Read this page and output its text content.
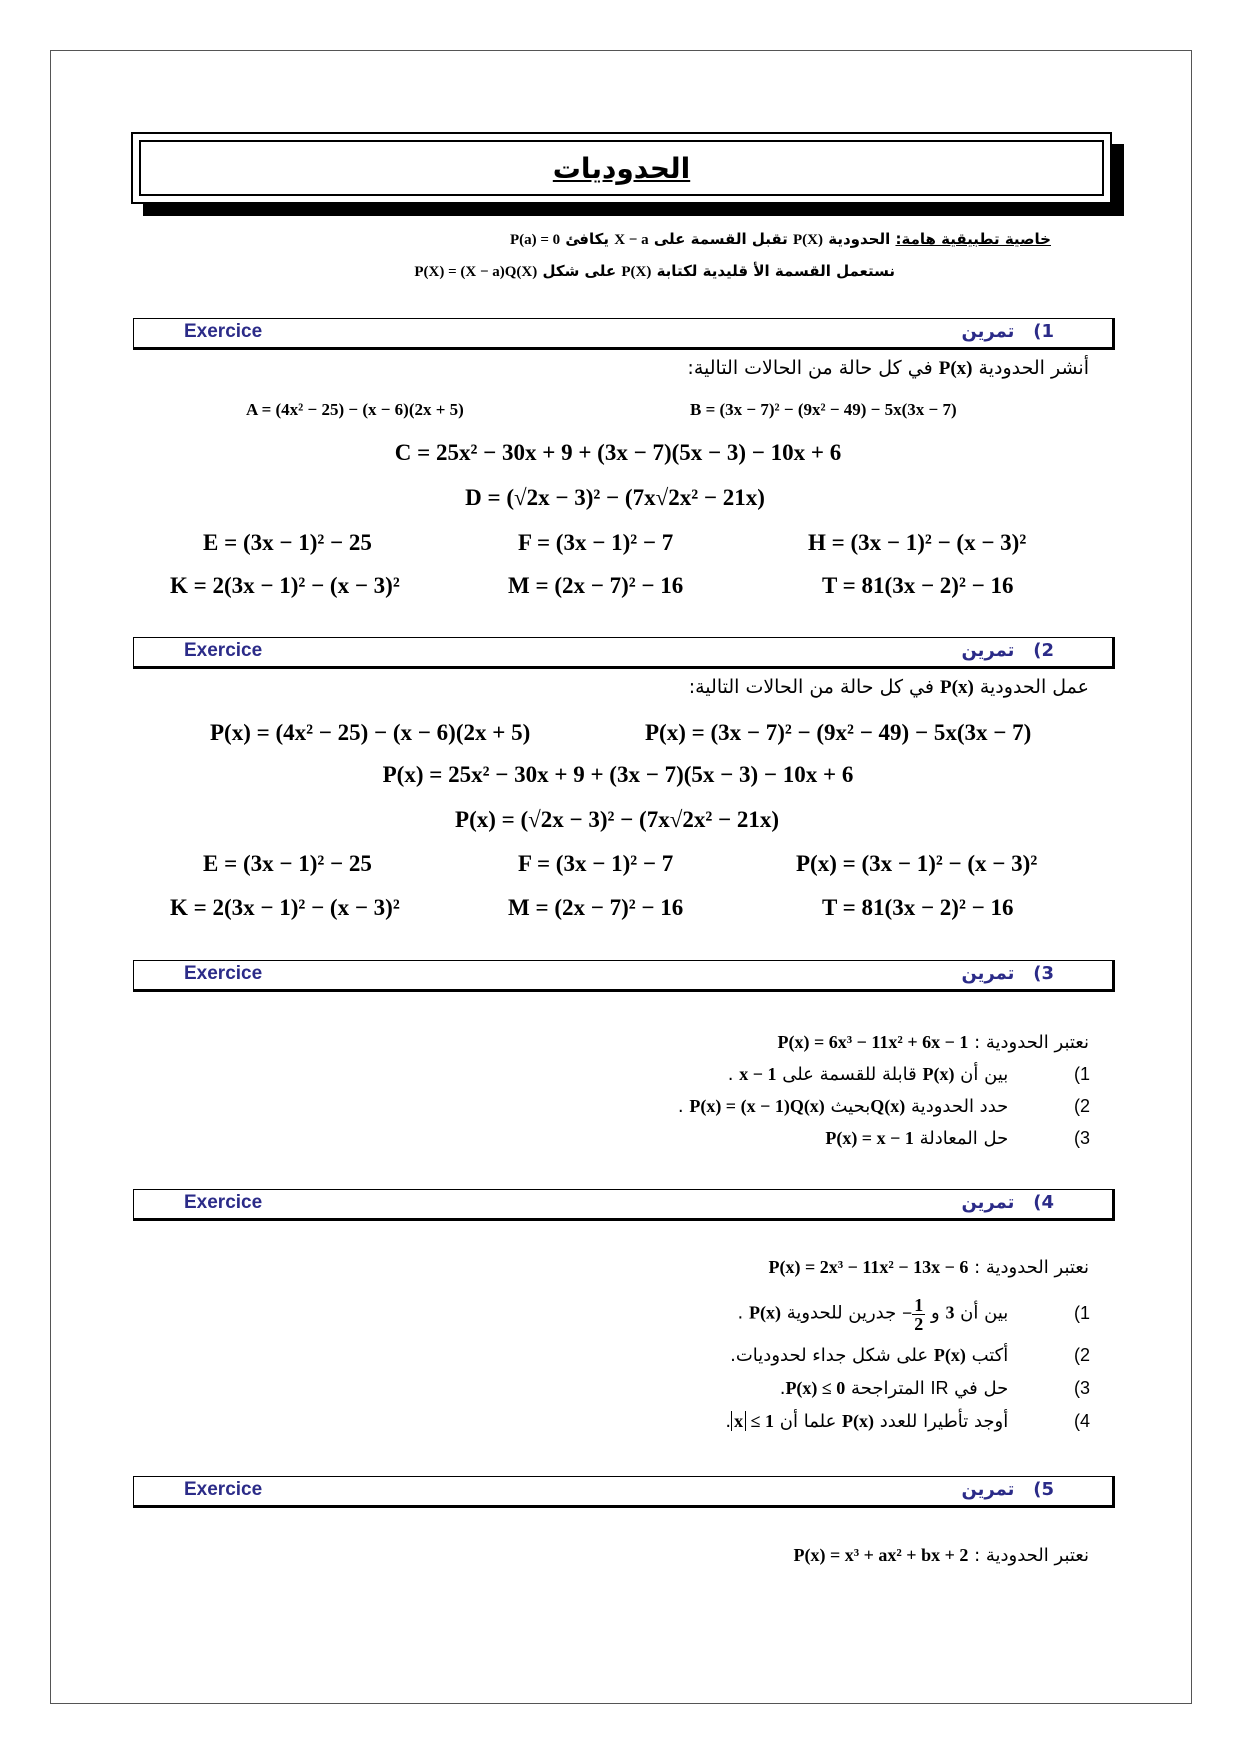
الحدوديات
خاصية تطبيقية هامة: الحدودية P(X) تقبل القسمة على X − a يكافئ P(a) = 0
نستعمل القسمة الأ قليدية لكتابة P(X) على شكل P(X) = (X − a)Q(X)
Exercice	1)   تمرين
أنشر الحدودية P(x) في كل حالة من الحالات التالية:
A = (4x² − 25) − (x − 6)(2x + 5)	B = (3x − 7)² − (9x² − 49) − 5x(3x − 7)
C = 25x² − 30x + 9 + (3x − 7)(5x − 3) − 10x + 6
D = (√2x − 3)² − (7x√2x² − 21x)
E = (3x − 1)² − 25	F = (3x − 1)² − 7	H = (3x − 1)² − (x − 3)²
K = 2(3x − 1)² − (x − 3)²	M = (2x − 7)² − 16	T = 81(3x − 2)² − 16
Exercice	2)   تمرين
عمل الحدودية P(x) في كل حالة من الحالات التالية:
P(x) = (4x² − 25) − (x − 6)(2x + 5)	P(x) = (3x − 7)² − (9x² − 49) − 5x(3x − 7)
P(x) = 25x² − 30x + 9 + (3x − 7)(5x − 3) − 10x + 6
P(x) = (√2x − 3)² − (7x√2x² − 21x)
E = (3x − 1)² − 25	F = (3x − 1)² − 7	P(x) = (3x − 1)² − (x − 3)²
K = 2(3x − 1)² − (x − 3)²	M = (2x − 7)² − 16	T = 81(3x − 2)² − 16
Exercice	3)   تمرين
نعتبر الحدودية : P(x) = 6x³ − 11x² + 6x − 1
1) بين أن P(x) قابلة للقسمة على x − 1 .
2) حدد الحدودية Q(x)بحيث P(x) = (x − 1)Q(x) .
3) حل المعادلة P(x) = x − 1
Exercice	4)   تمرين
نعتبر الحدودية : P(x) = 2x³ − 11x² − 13x − 6
1) بين أن 3 و − $\frac{1}{2}$
جدرين للحدوية P(x) .
2) أكتب P(x) على شكل جداء لحدوديات.
3) حل في IR المتراجحة P(x) ≤ 0.
4) أوجد تأطيرا للعدد P(x) علما أن x ≤ 1.
Exercice	5)   تمرين
نعتبر الحدودية : P(x) = x³ + ax² + bx + 2
